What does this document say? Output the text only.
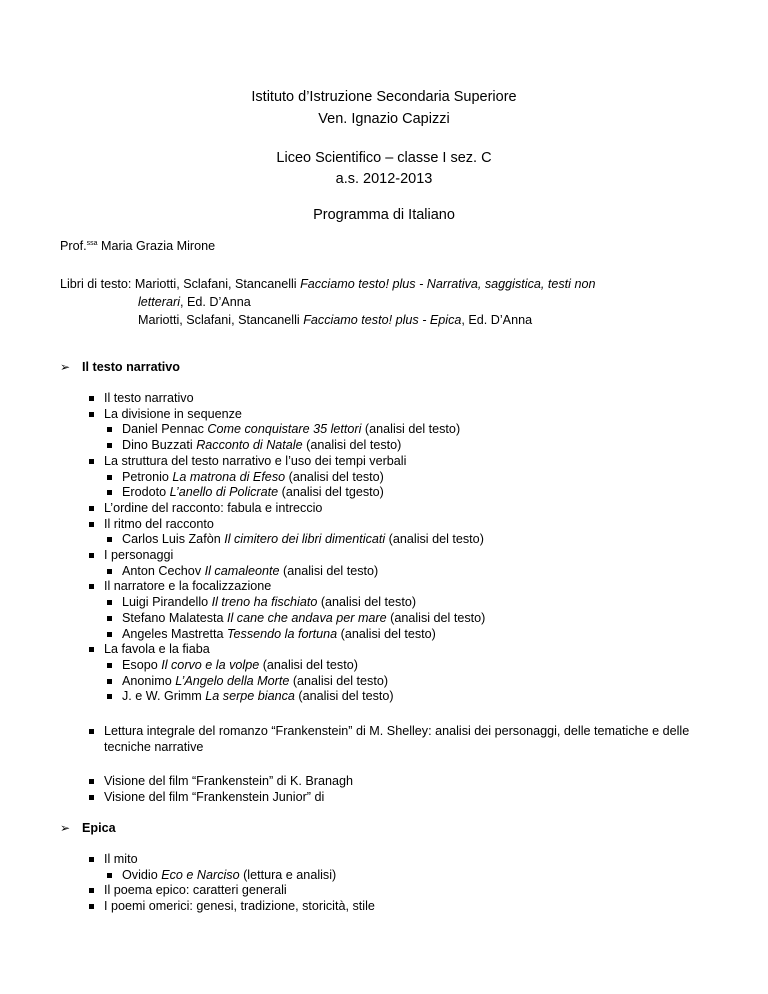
Istituto d’Istruzione Secondaria Superiore
Ven. Ignazio Capizzi
Liceo Scientifico – classe I sez. C
a.s. 2012-2013
Programma di Italiano
Prof.$^{ssa}$ Maria Grazia Mirone
Libri di testo: Mariotti, Sclafani, Stancanelli Facciamo testo! plus - Narrativa, saggistica, testi non
letterari, Ed. D’Anna
Mariotti, Sclafani, Stancanelli Facciamo testo! plus - Epica, Ed. D’Anna
➢ Il testo narrativo
Il testo narrativo
La divisione in sequenze
Daniel Pennac Come conquistare 35 lettori (analisi del testo)
Dino Buzzati Racconto di Natale (analisi del testo)
La struttura del testo narrativo e l’uso dei tempi verbali
Petronio La matrona di Efeso (analisi del testo)
Erodoto L’anello di Policrate (analisi del tgesto)
L’ordine del racconto: fabula e intreccio
Il ritmo del racconto
Carlos Luis Zafòn Il cimitero dei libri dimenticati (analisi del testo)
I personaggi
Anton Cechov Il camaleonte (analisi del testo)
Il narratore e la focalizzazione
Luigi Pirandello Il treno ha fischiato (analisi del testo)
Stefano Malatesta Il cane che andava per mare (analisi del testo)
Angeles Mastretta Tessendo la fortuna (analisi del testo)
La favola e la fiaba
Esopo Il corvo e la volpe (analisi del testo)
Anonimo L’Angelo della Morte (analisi del testo)
J. e W. Grimm La serpe bianca (analisi del testo)
Lettura integrale del romanzo “Frankenstein” di M. Shelley: analisi dei personaggi, delle tematiche e delle tecniche narrative
Visione del film “Frankenstein” di K. Branagh
Visione del film “Frankenstein Junior” di
➢ Epica
Il mito
Ovidio Eco e Narciso (lettura e analisi)
Il poema epico: caratteri generali
I poemi omerici: genesi, tradizione, storicità, stile
